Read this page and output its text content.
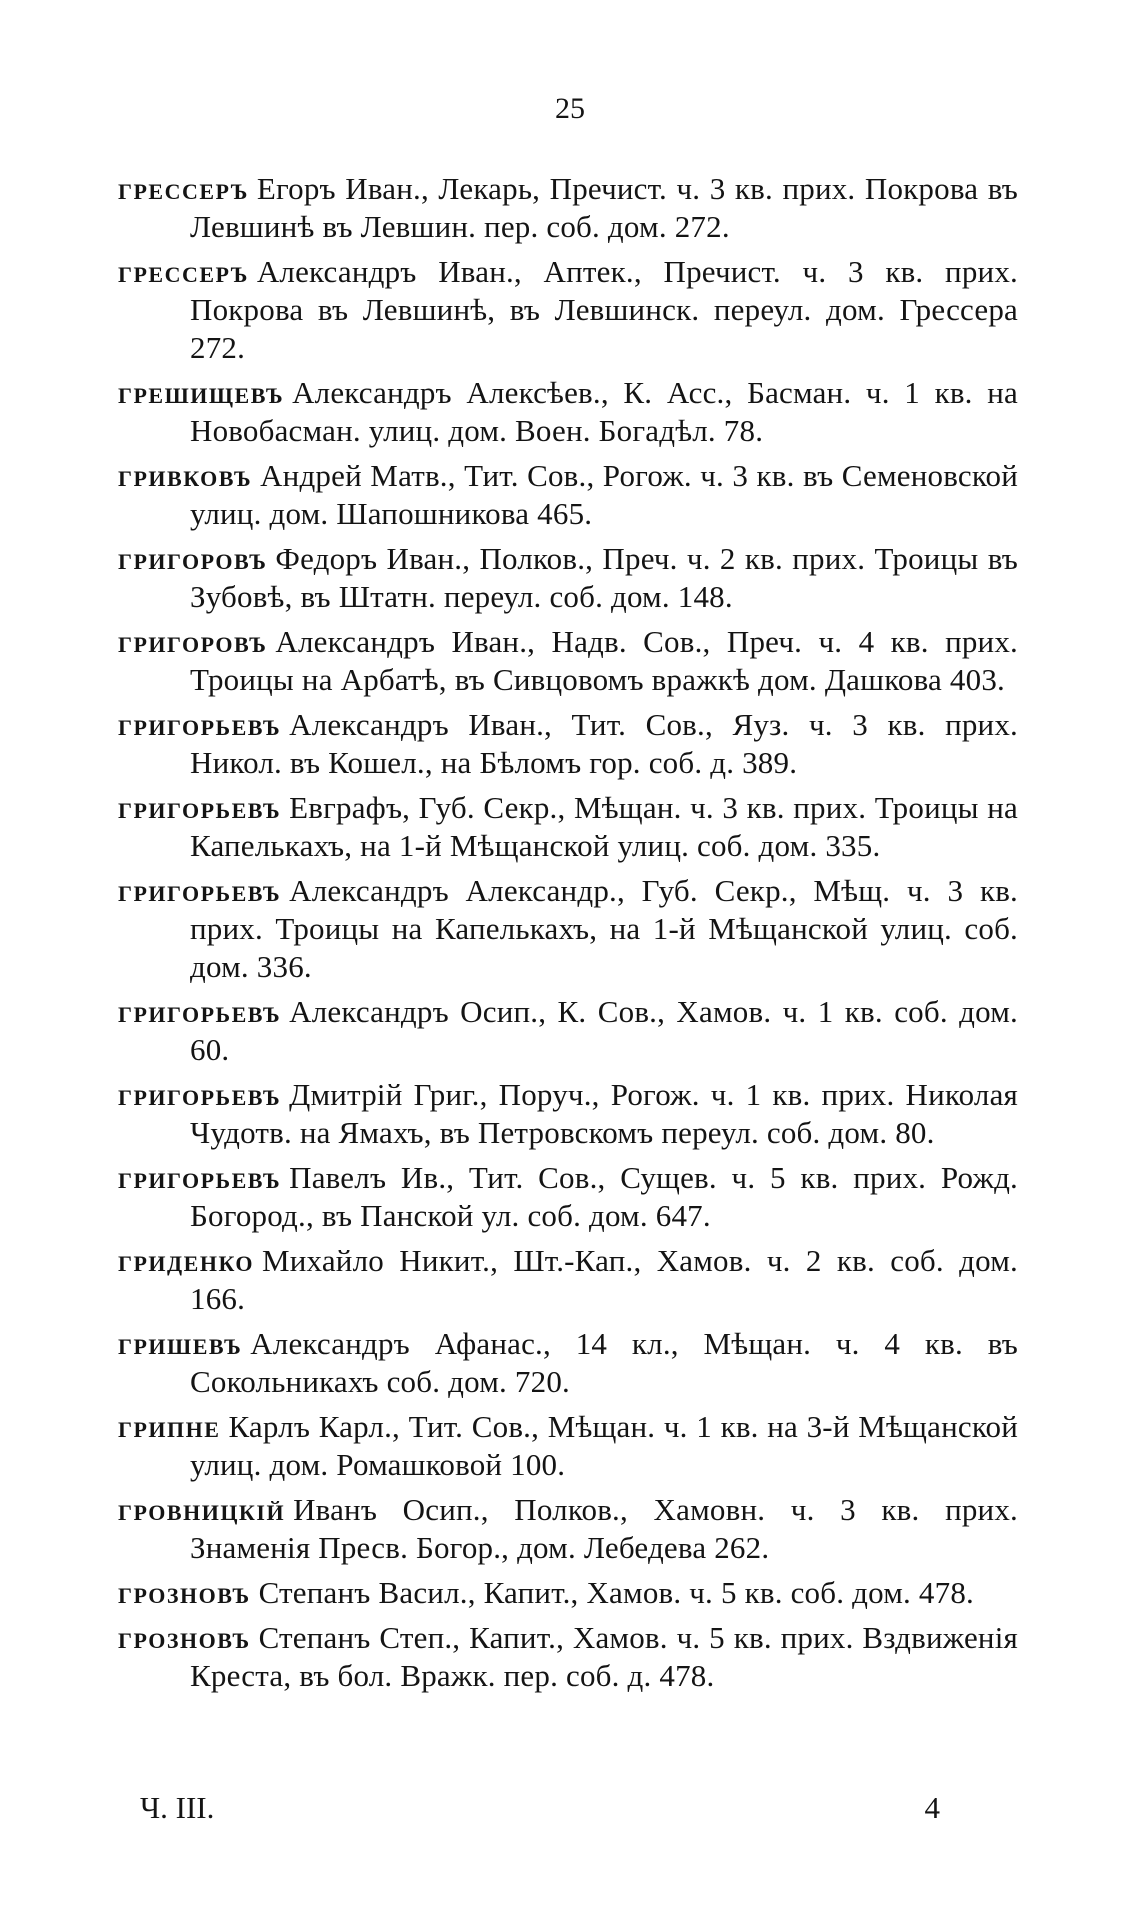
25
гресcеръ Егоръ Иван., Лекарь, Пречист. ч. 3 кв. прих. Покрова въ Левшинѣ въ Левшин. пер. соб. дом. 272.
грессеръ Александръ Иван., Аптек., Пречист. ч. 3 кв. прих. Покрова въ Левшинѣ, въ Левшинск. переул. дом. Грессера 272.
грешищевъ Александръ Алексѣев., К. Асс., Басман. ч. 1 кв. на Новобасман. улиц. дом. Воен. Богадѣл. 78.
гривковъ Андрей Матв., Тит. Сов., Рогож. ч. 3 кв. въ Семеновской улиц. дом. Шапошникова 465.
григоровъ Федоръ Иван., Полков., Преч. ч. 2 кв. прих. Троицы въ Зубовѣ, въ Штатн. переул. соб. дом. 148.
григоровъ Александръ Иван., Надв. Сов., Преч. ч. 4 кв. прих. Троицы на Арбатѣ, въ Сивцовомъ вражкѣ дом. Дашкова 403.
григорьевъ Александръ Иван., Тит. Сов., Яуз. ч. 3 кв. прих. Никол. въ Кошел., на Бѣломъ гор. соб. д. 389.
григорьевъ Евграфъ, Губ. Секр., Мѣщан. ч. 3 кв. прих. Троицы на Капелькахъ, на 1-й Мѣщанской улиц. соб. дом. 335.
григорьевъ Александръ Александр., Губ. Секр., Мѣщ. ч. 3 кв. прих. Троицы на Капелькахъ, на 1-й Мѣщанской улиц. соб. дом. 336.
григорьевъ Александръ Осип., К. Сов., Хамов. ч. 1 кв. соб. дом. 60.
григорьевъ Дмитрій Григ., Поруч., Рогож. ч. 1 кв. прих. Николая Чудотв. на Ямахъ, въ Петровскомъ переул. соб. дом. 80.
григорьевъ Павелъ Ив., Тит. Сов., Сущев. ч. 5 кв. прих. Рожд. Богород., въ Панской ул. соб. дом. 647.
гриденко Михайло Никит., Шт.-Кап., Хамов. ч. 2 кв. соб. дом. 166.
гришевъ Александръ Афанас., 14 кл., Мѣщан. ч. 4 кв. въ Сокольникахъ соб. дом. 720.
грипне Карлъ Карл., Тит. Сов., Мѣщан. ч. 1 кв. на 3-й Мѣщанской улиц. дом. Ромашковой 100.
гровницкій Иванъ Осип., Полков., Хамовн. ч. 3 кв. прих. Знаменія Пресв. Богор., дом. Лебедева 262.
грозновъ Степанъ Васил., Капит., Хамов. ч. 5 кв. соб. дом. 478.
грозновъ Степанъ Степ., Капит., Хамов. ч. 5 кв. прих. Вздвиженія Креста, въ бол. Вражк. пер. соб. д. 478.
Ч. III.	4
